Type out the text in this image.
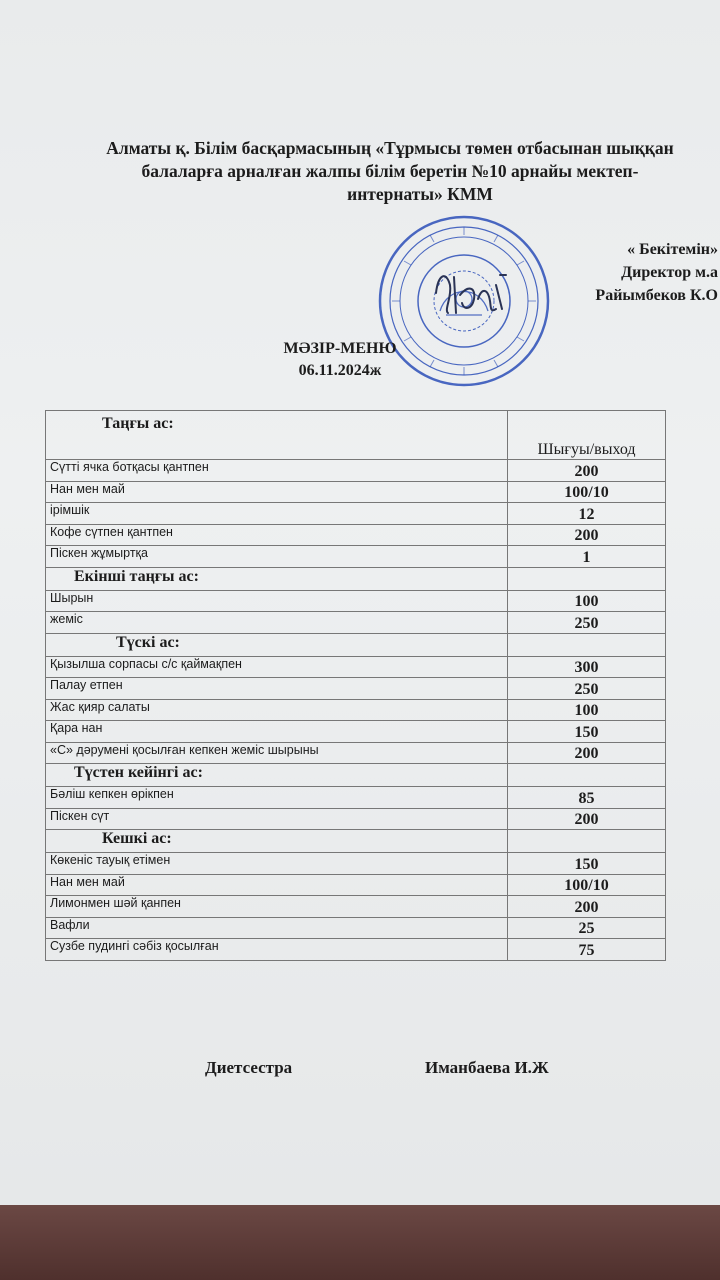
Алматы қ. Білім басқармасының «Тұрмысы төмен отбасынан шыққан
балаларға арналған жалпы білім беретін №10 арнайы мектеп-
интернаты» КММ
« Бекітемін»
Директор м.а
Райымбеков К.О
МӘЗІР-МЕНЮ
06.11.2024ж
Таңғы ас:	Шығуы/выход
Сүтті ячка ботқасы қантпен	200
Нан мен май	100/10
ірімшік	12
Кофе сүтпен қантпен	200
Піскен жұмыртқа	1
Екінші таңғы ас:	
Шырын	100
жеміс	250
Түскі ас:	
Қызылша сорпасы с/с қаймақпен	300
Палау етпен	250
Жас қияр салаты	100
Қара нан	150
«С» дәрумені қосылған кепкен жеміс шырыны	200
Түстен кейінгі ас:	
Бәліш кепкен өрікпен	85
Піскен сүт	200
Кешкі ас:	
Көкеніс тауық етімен	150
Нан мен май	100/10
Лимонмен шәй қанпен	200
Вафли	25
Сузбе пудингі сәбіз қосылған	75
Диетсестра	Иманбаева И.Ж
